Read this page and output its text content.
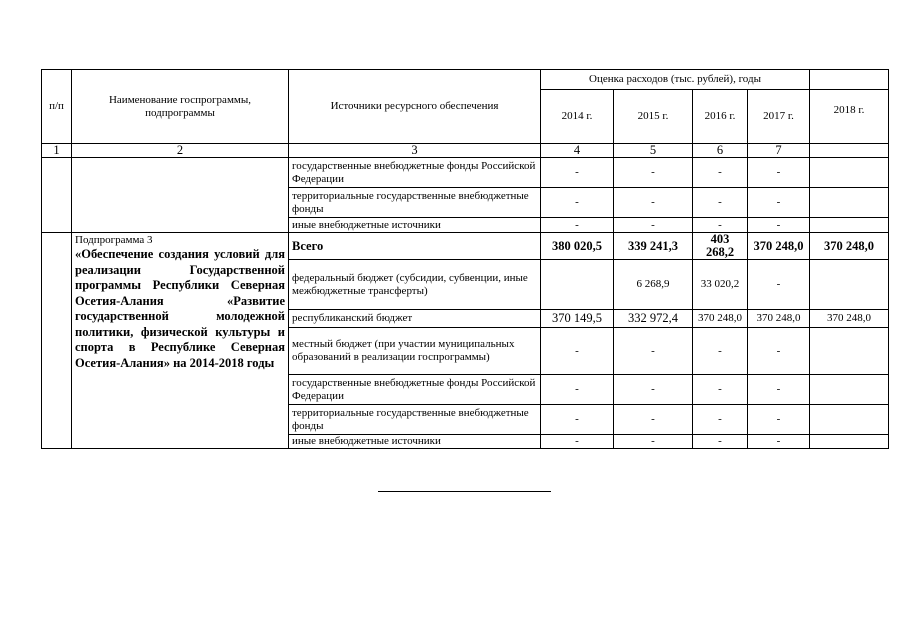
п/п	Наименование госпрограммы, подпрограммы	Источники ресурсного обеспечения	Оценка расходов (тыс. рублей), годы				
			2014 г.	2015 г.	2016 г.	2017 г.	2018 г.
1	2	3	4	5	6	7	
		государственные внебюджетные фонды Российской Федерации	-	-	-	-	
		территориальные государственные внебюджетные фонды	-	-	-	-	
		иные внебюджетные источники	-	-	-	-	

	Подпрограмма 3
«Обеспечение создания условий для реализации Государственной программы Республики Северная Осетия-Алания «Развитие государственной молодежной политики, физической культуры и спорта в Республике Северная Осетия-Алания» на 2014-2018 годы	Всего	380 020,5	339 241,3	403 268,2	370 248,0	370 248,0
		федеральный бюджет (субсидии, субвенции, иные межбюджетные трансферты)		6 268,9	33 020,2	-	
		республиканский бюджет	370 149,5	332 972,4	370 248,0	370 248,0	370 248,0
		местный бюджет (при участии муниципальных образований в реализации госпрограммы)	-	-	-	-	
		государственные внебюджетные фонды Российской Федерации	-	-	-	-	
		территориальные государственные внебюджетные фонды	-	-	-	-	
		иные внебюджетные источники	-	-	-	-	
